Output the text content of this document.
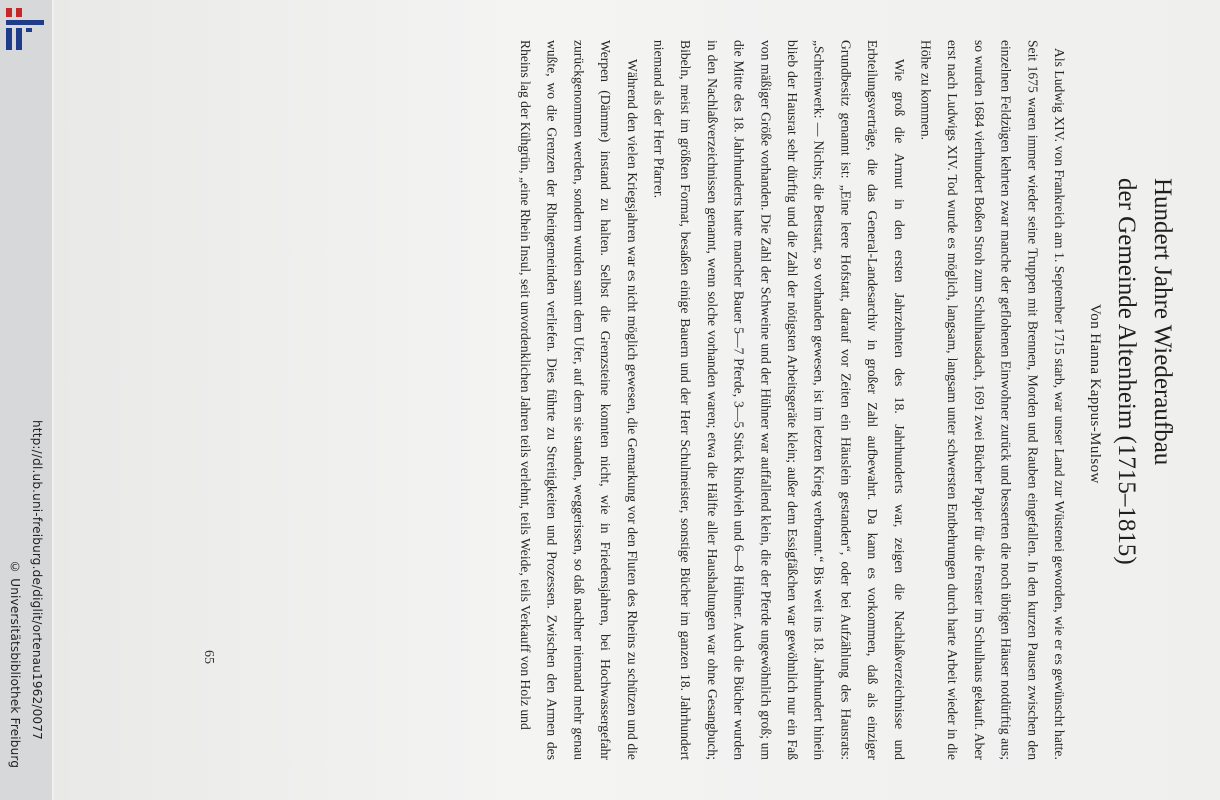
http://dl.ub.uni-freiburg.de/diglit/ortenau1962/0077
© Universitätsbibliothek Freiburg
Hundert Jahre Wiederaufbau
der Gemeinde Altenheim (1715–1815)
Von Hanna Kappus-Mulsow

Als Ludwig XIV. von Frankreich am 1. September 1715 starb, war unser Land zur Wüstenei geworden, wie er es gewünscht hatte. Seit 1675 waren immer wieder seine Truppen mit Brennen, Morden und Rauben eingefallen. In den kurzen Pausen zwischen den einzelnen Feldzügen kehrten zwar manche der geflohenen Einwohner zurück und besserten die noch übrigen Häuser notdürftig aus; so wurden 1684 vierhundert Boßen Stroh zum Schulhausdach, 1691 zwei Bücher Papier für die Fenster im Schulhaus gekauft. Aber erst nach Ludwigs XIV. Tod wurde es möglich, langsam, langsam unter schwersten Entbehrungen durch harte Arbeit wieder in die Höhe zu kommen.

Wie groß die Armut in den ersten Jahrzehnten des 18. Jahrhunderts war, zeigen die Nachlaßverzeichnisse und Erbteilungsverträge, die das General-Landesarchiv in großer Zahl aufbewahrt. Da kann es vorkommen, daß als einziger Grundbesitz genannt ist: „Eine leere Hofstatt, darauf vor Zeiten ein Häuslein gestanden“, oder bei Aufzählung des Hausrats: „Schreinwerk: — Nichts; die Bettstatt, so vorhanden gewesen, ist im letzten Krieg verbrannt.“ Bis weit ins 18. Jahrhundert hinein blieb der Hausrat sehr dürftig und die Zahl der nötigsten Arbeitsgeräte klein; außer dem Essigfäßchen war gewöhnlich nur ein Faß von mäßiger Größe vorhanden. Die Zahl der Schweine und der Hühner war auffallend klein, die der Pferde ungewöhnlich groß; um die Mitte des 18. Jahrhunderts hatte mancher Bauer 5—7 Pferde, 3—5 Stück Rindvieh und 6—8 Hühner. Auch die Bücher wurden in den Nachlaßverzeichnissen genannt, wenn solche vorhanden waren; etwa die Hälfte aller Haushaltungen war ohne Gesangbuch; Bibeln, meist im größten Format, besaßen einige Bauern und der Herr Schulmeister, sonstige Bücher im ganzen 18. Jahrhundert niemand als der Herr Pfarrer.

Während den vielen Kriegsjahren war es nicht möglich gewesen, die Gemarkung vor den Fluten des Rheins zu schützen und die Werpen (Dämme) instand zu halten. Selbst die Grenzsteine konnten nicht, wie in Friedensjahren, bei Hochwassergefahr zurückgenommen werden, sondern wurden samt dem Ufer, auf dem sie standen, weggerissen, so daß nachher niemand mehr genau wußte, wo die Grenzen der Rheingemeinden verliefen. Dies führte zu Streitigkeiten und Prozessen. Zwischen den Armen des Rheins lag der Kühgrün, „eine Rhein Insul, seit unvordenklichen Jahren teils verlehnt, teils Weide, teils Verkauff von Holz und

65
